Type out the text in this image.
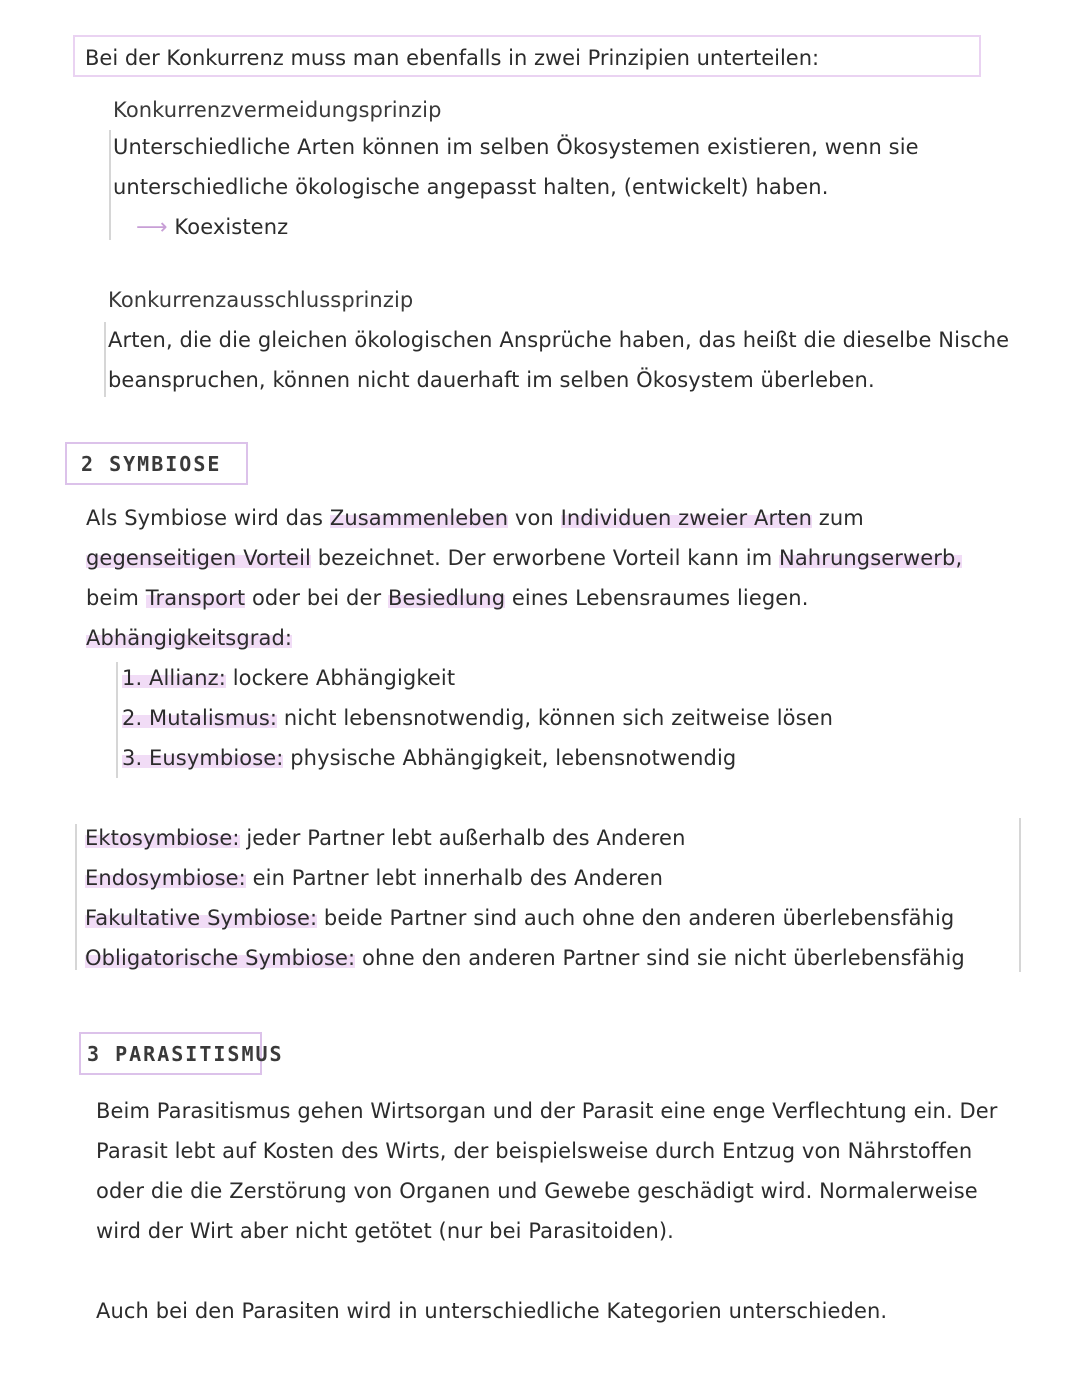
Bei der Konkurrenz muss man ebenfalls in zwei Prinzipien unterteilen:
Konkurrenzvermeidungsprinzip
Unterschiedliche Arten können im selben Ökosystemen existieren, wenn sie
unterschiedliche ökologische angepasst halten, (entwickelt) haben.
⟶ Koexistenz
Konkurrenzausschlussprinzip
Arten, die die gleichen ökologischen Ansprüche haben, das heißt die dieselbe Nische
beanspruchen, können nicht dauerhaft im selben Ökosystem überleben.
2 SYMBIOSE
Als Symbiose wird das Zusammenleben von Individuen zweier Arten zum
gegenseitigen Vorteil bezeichnet. Der erworbene Vorteil kann im Nahrungserwerb,
beim Transport oder bei der Besiedlung eines Lebensraumes liegen.
Abhängigkeitsgrad:
1. Allianz: lockere Abhängigkeit
2. Mutalismus: nicht lebensnotwendig, können sich zeitweise lösen
3. Eusymbiose: physische Abhängigkeit, lebensnotwendig
Ektosymbiose: jeder Partner lebt außerhalb des Anderen
Endosymbiose: ein Partner lebt innerhalb des Anderen
Fakultative Symbiose: beide Partner sind auch ohne den anderen überlebensfähig
Obligatorische Symbiose: ohne den anderen Partner sind sie nicht überlebensfähig
3 PARASITISMUS
Beim Parasitismus gehen Wirtsorgan und der Parasit eine enge Verflechtung ein. Der
Parasit lebt auf Kosten des Wirts, der beispielsweise durch Entzug von Nährstoffen
oder die die Zerstörung von Organen und Gewebe geschädigt wird. Normalerweise
wird der Wirt aber nicht getötet (nur bei Parasitoiden).
Auch bei den Parasiten wird in unterschiedliche Kategorien unterschieden.
